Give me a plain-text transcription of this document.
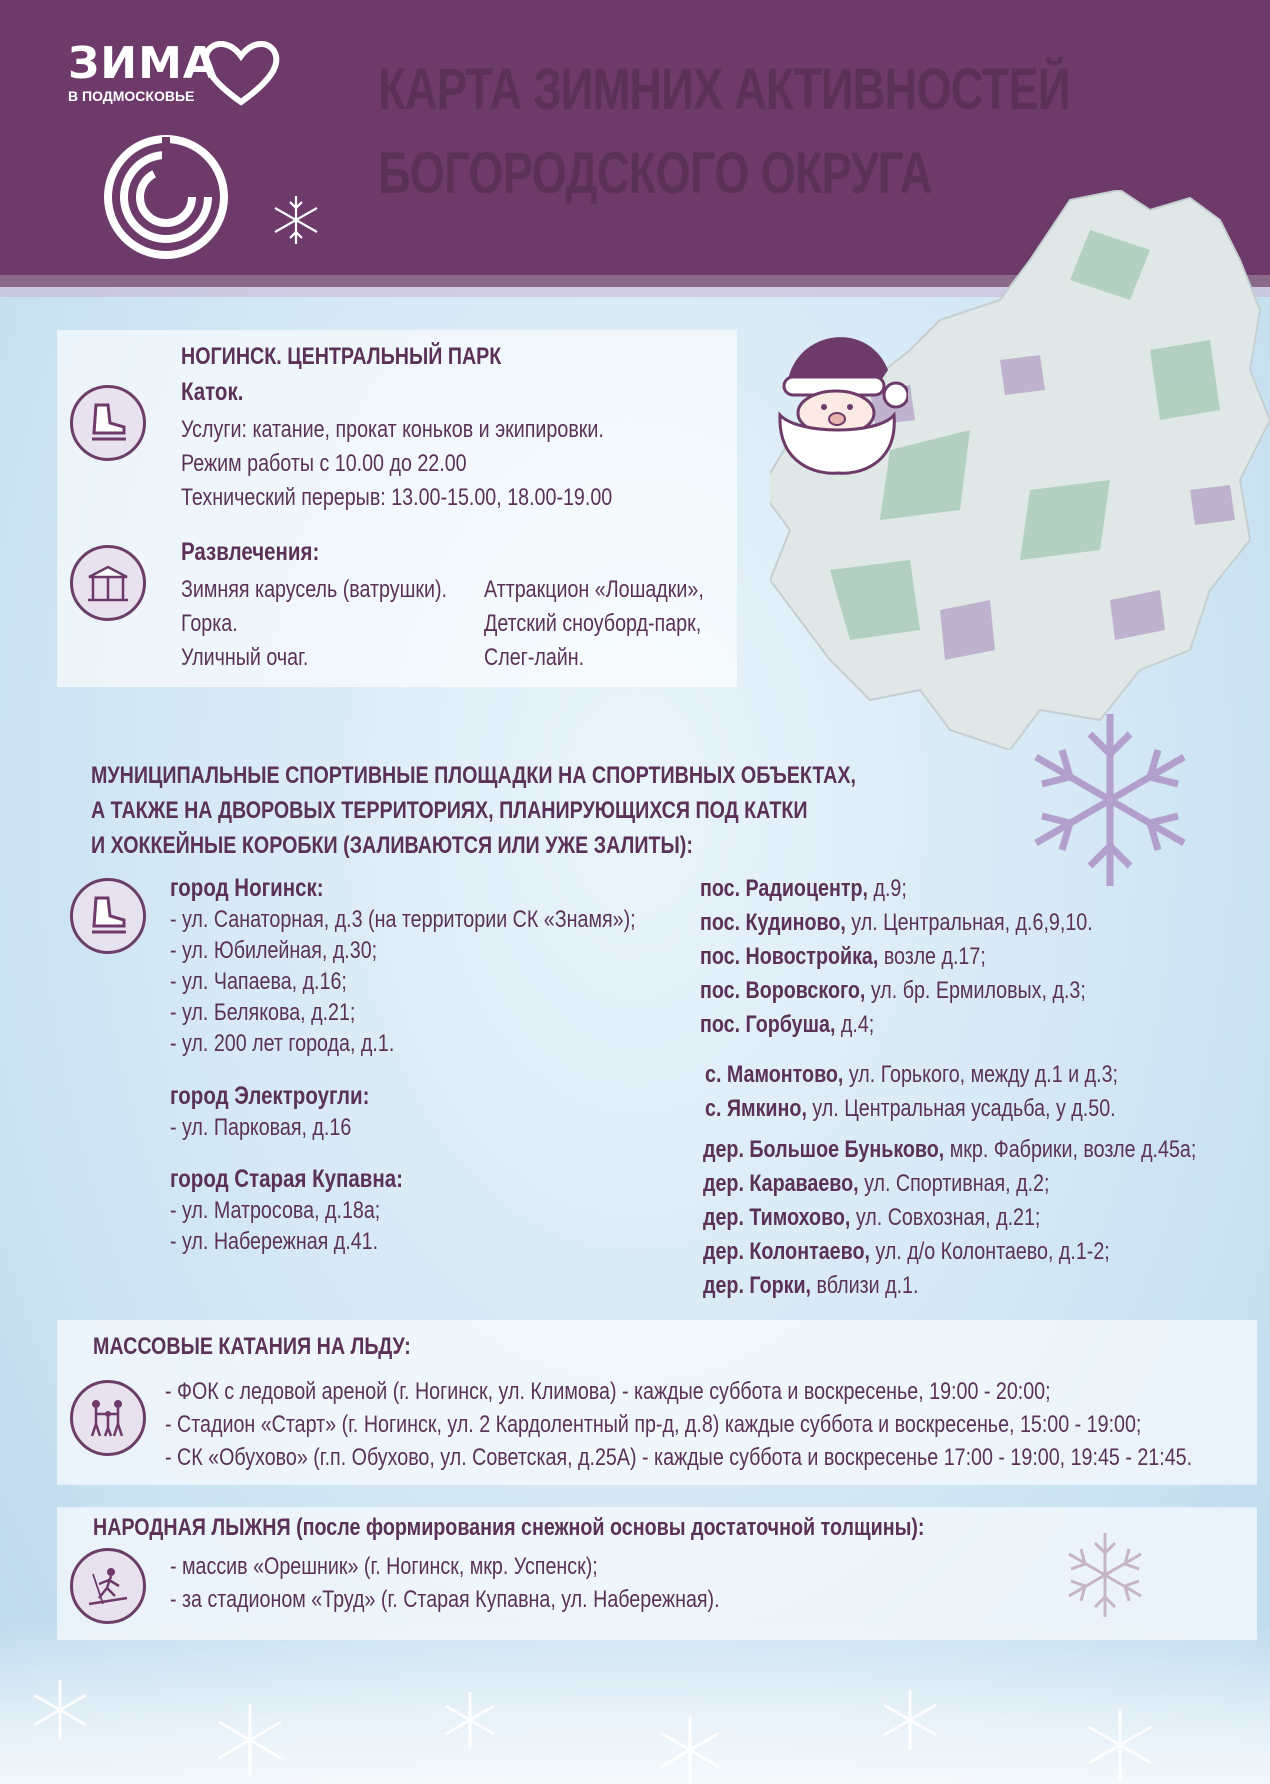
ЗИМА
В ПОДМОСКОВЬЕ	КАРТА ЗИМНИХ АКТИВНОСТЕЙ
БОГОРОДСКОГО ОКРУГА
НОГИНСК. ЦЕНТРАЛЬНЫЙ ПАРК
Каток.
Услуги: катание, прокат коньков и экипировки.
Режим работы с 10.00 до 22.00
Технический перерыв: 13.00-15.00, 18.00-19.00
Развлечения:
Зимняя карусель (ватрушки).
Горка.
Уличный очаг.
Аттракцион «Лошадки»,
Детский сноуборд-парк,
Слег-лайн.
МУНИЦИПАЛЬНЫЕ СПОРТИВНЫЕ ПЛОЩАДКИ НА СПОРТИВНЫХ ОБЪЕКТАХ,
А ТАКЖЕ НА ДВОРОВЫХ ТЕРРИТОРИЯХ, ПЛАНИРУЮЩИХСЯ ПОД КАТКИ
И ХОККЕЙНЫЕ КОРОБКИ (ЗАЛИВАЮТСЯ ИЛИ УЖЕ ЗАЛИТЫ):
город Ногинск:
- ул. Санаторная, д.3 (на территории СК «Знамя»);
- ул. Юбилейная, д.30;
- ул. Чапаева, д.16;
- ул. Белякова, д.21;
- ул. 200 лет города, д.1.
город Электроугли:
- ул. Парковая, д.16
город Старая Купавна:
- ул. Матросова, д.18а;
- ул. Набережная д.41.
пос. Радиоцентр, д.9;
пос. Кудиново, ул. Центральная, д.6,9,10.
пос. Новостройка, возле д.17;
пос. Воровского, ул. бр. Ермиловых, д.3;
пос. Горбуша, д.4;
с. Мамонтово, ул. Горького, между д.1 и д.3;
с. Ямкино, ул. Центральная усадьба, у д.50.
дер. Большое Буньково, мкр. Фабрики, возле д.45а;
дер. Караваево, ул. Спортивная, д.2;
дер. Тимохово, ул. Совхозная, д.21;
дер. Колонтаево, ул. д/о Колонтаево, д.1-2;
дер. Горки, вблизи д.1.
МАССОВЫЕ КАТАНИЯ НА ЛЬДУ:
- ФОК с ледовой ареной (г. Ногинск, ул. Климова) - каждые суббота и воскресенье, 19:00 - 20:00;
- Стадион «Старт» (г. Ногинск, ул. 2 Кардолентный пр-д, д.8) каждые суббота и воскресенье, 15:00 - 19:00;
- СК «Обухово» (г.п. Обухово, ул. Советская, д.25А) - каждые суббота и воскресенье 17:00 - 19:00, 19:45 - 21:45.
НАРОДНАЯ ЛЫЖНЯ (после формирования снежной основы достаточной толщины):
- массив «Орешник» (г. Ногинск, мкр. Успенск);
- за стадионом «Труд» (г. Старая Купавна, ул. Набережная).
